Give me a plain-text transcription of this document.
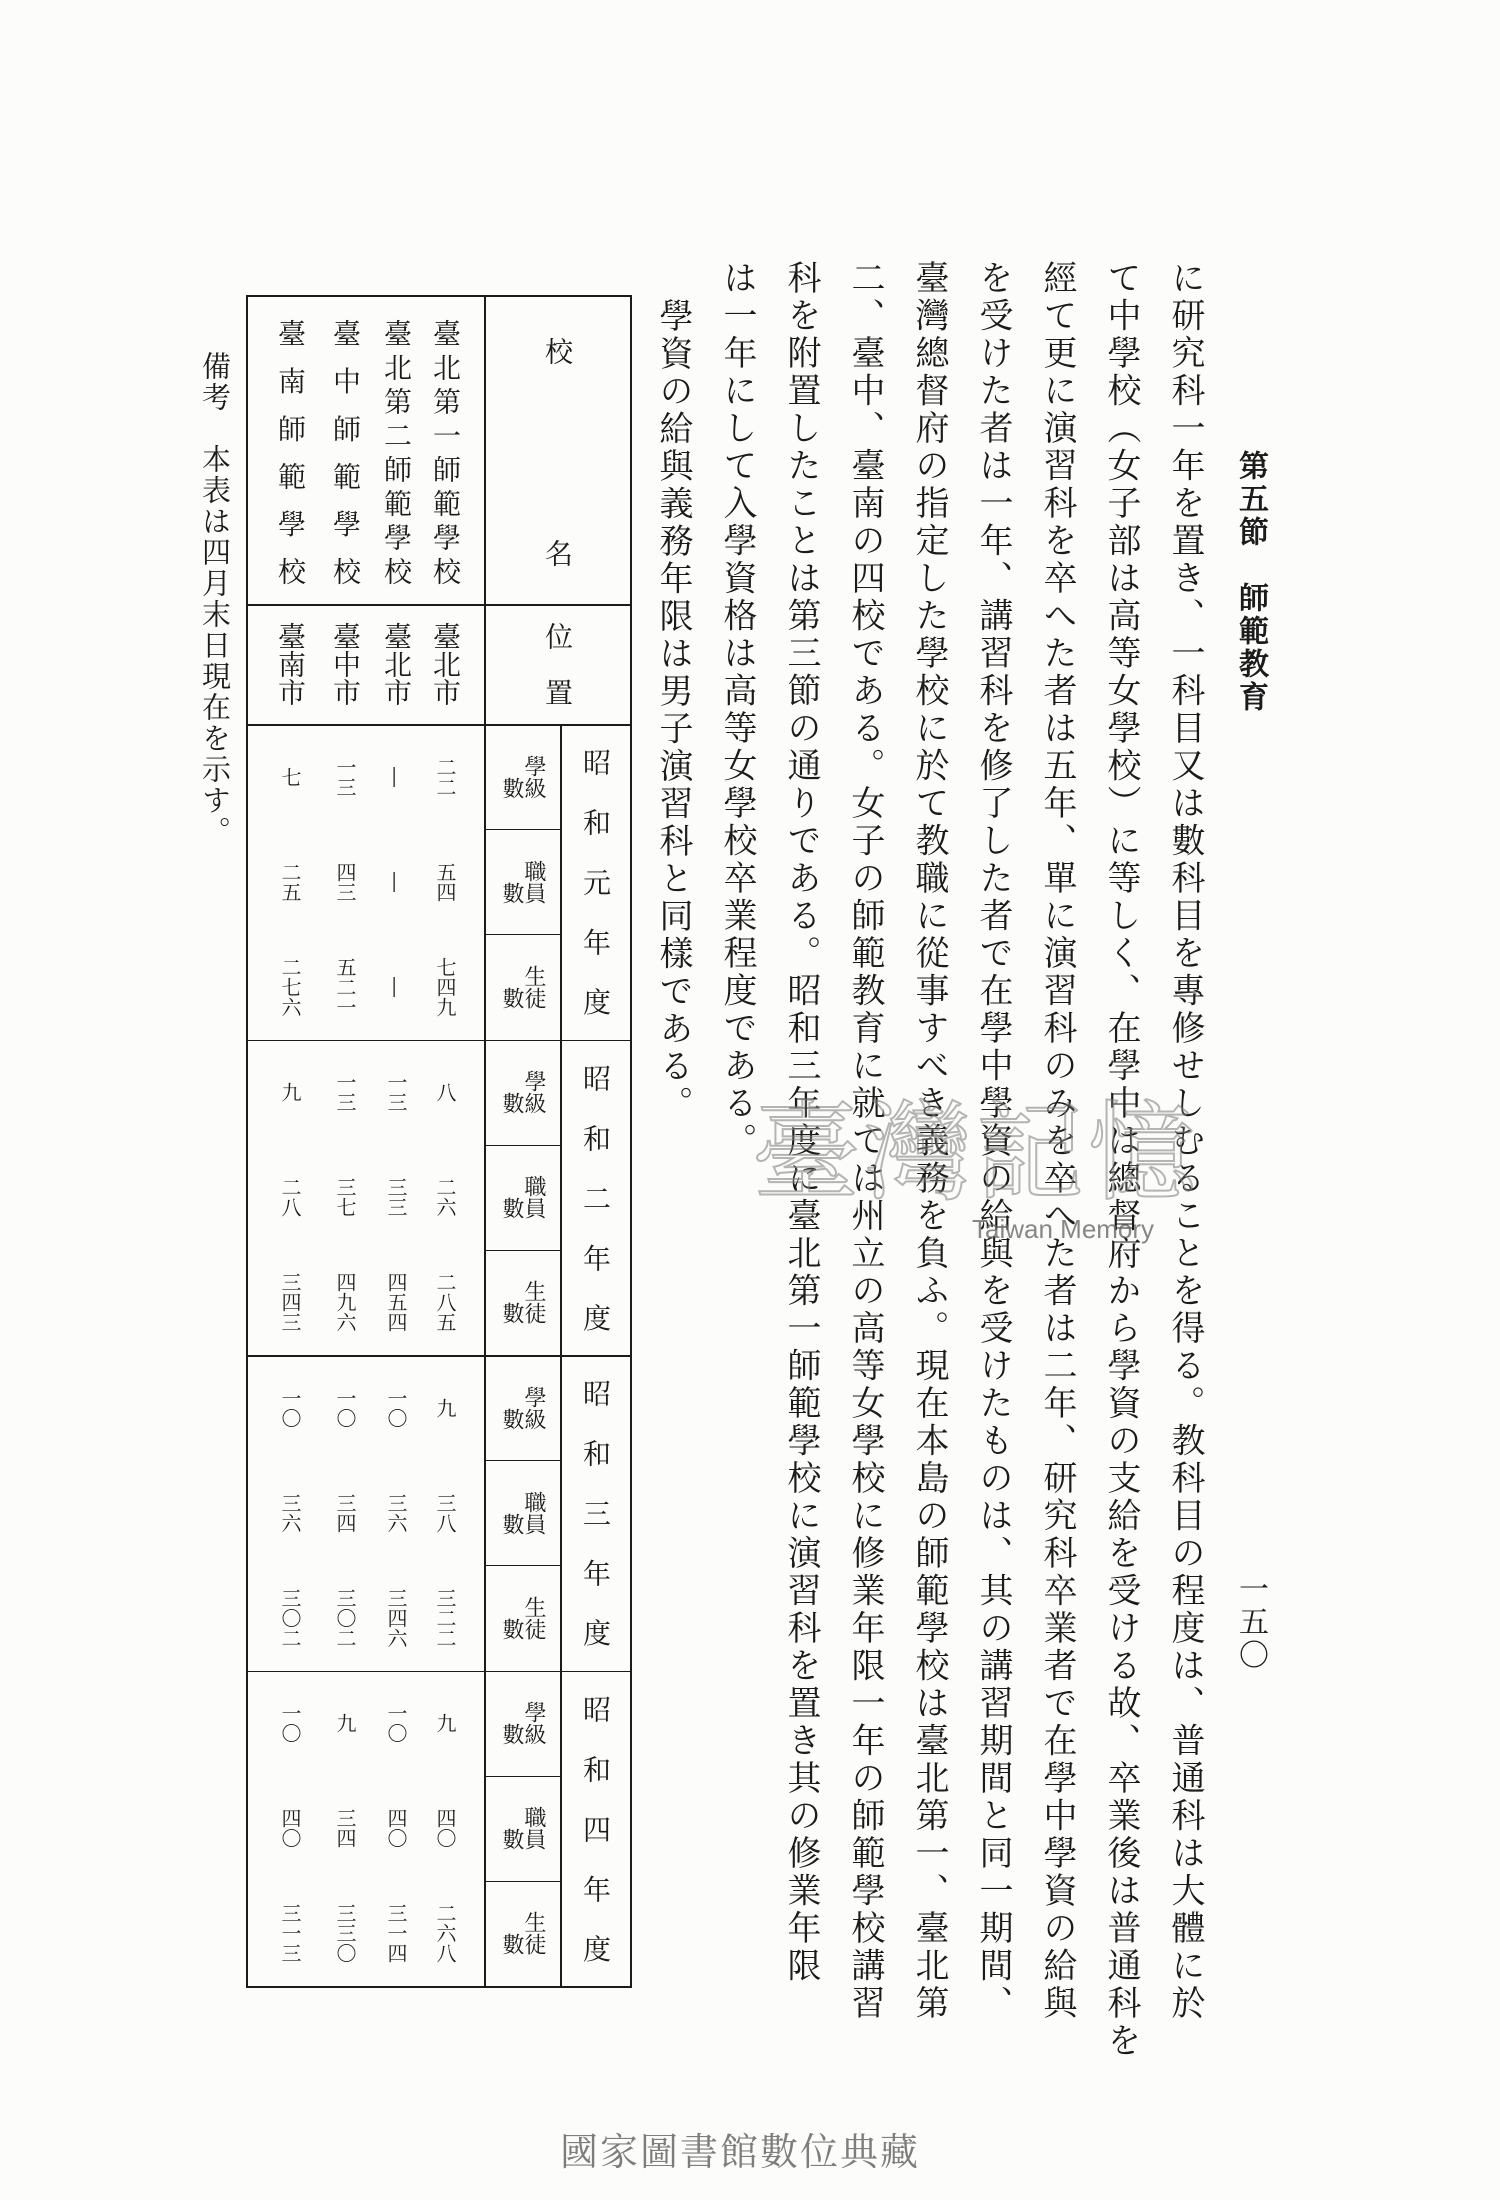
第五節　師範教育
一五〇
に研究科一年を置き、一科目又は數科目を專修せしむることを得る。教科目の程度は、普通科は大體に於
て中學校（女子部は高等女學校）に等しく、在學中は總督府から學資の支給を受ける故、卒業後は普通科を
經て更に演習科を卒へた者は五年、單に演習科のみを卒へた者は二年、研究科卒業者で在學中學資の給與
を受けた者は一年、講習科を修了した者で在學中學資の給與を受けたものは、其の講習期間と同一期間、
臺灣總督府の指定した學校に於て教職に從事すべき義務を負ふ。現在本島の師範學校は臺北第一、臺北第
二、臺中、臺南の四校である。女子の師範教育に就ては州立の高等女學校に修業年限一年の師範學校講習
科を附置したことは第三節の通りである。昭和三年度に臺北第一師範學校に演習科を置き其の修業年限
は一年にして入學資格は高等女學校卒業程度である。
學資の給與義務年限は男子演習科と同樣である。
校　名
位　置
昭和元年度
學級數
職員數
生徒數
昭和二年度
學級數
職員數
生徒數
昭和三年度
學級數
職員數
生徒數
昭和四年度
學級數
職員數
生徒數
臺北第一師範學校
臺北市
二二
五四
七四九
八
二六
二八五
九
三八
三二二
九
四〇
二六八
臺北第二師範學校
臺北市
―
―
―
一三
三三
四五四
一〇
三六
三四六
一〇
四〇
三一四
臺中師範學校
臺中市
一三
四三
五二一
一三
三七
四九六
一〇
三四
三〇二
九
三四
三三〇
臺南師範學校
臺南市
七
二五
二七六
九
二八
三四三
一〇
三六
三〇二
一〇
四〇
三一三
備考　本表は四月末日現在を示す。
臺灣記憶
Taiwan Memory
國家圖書館數位典藏
